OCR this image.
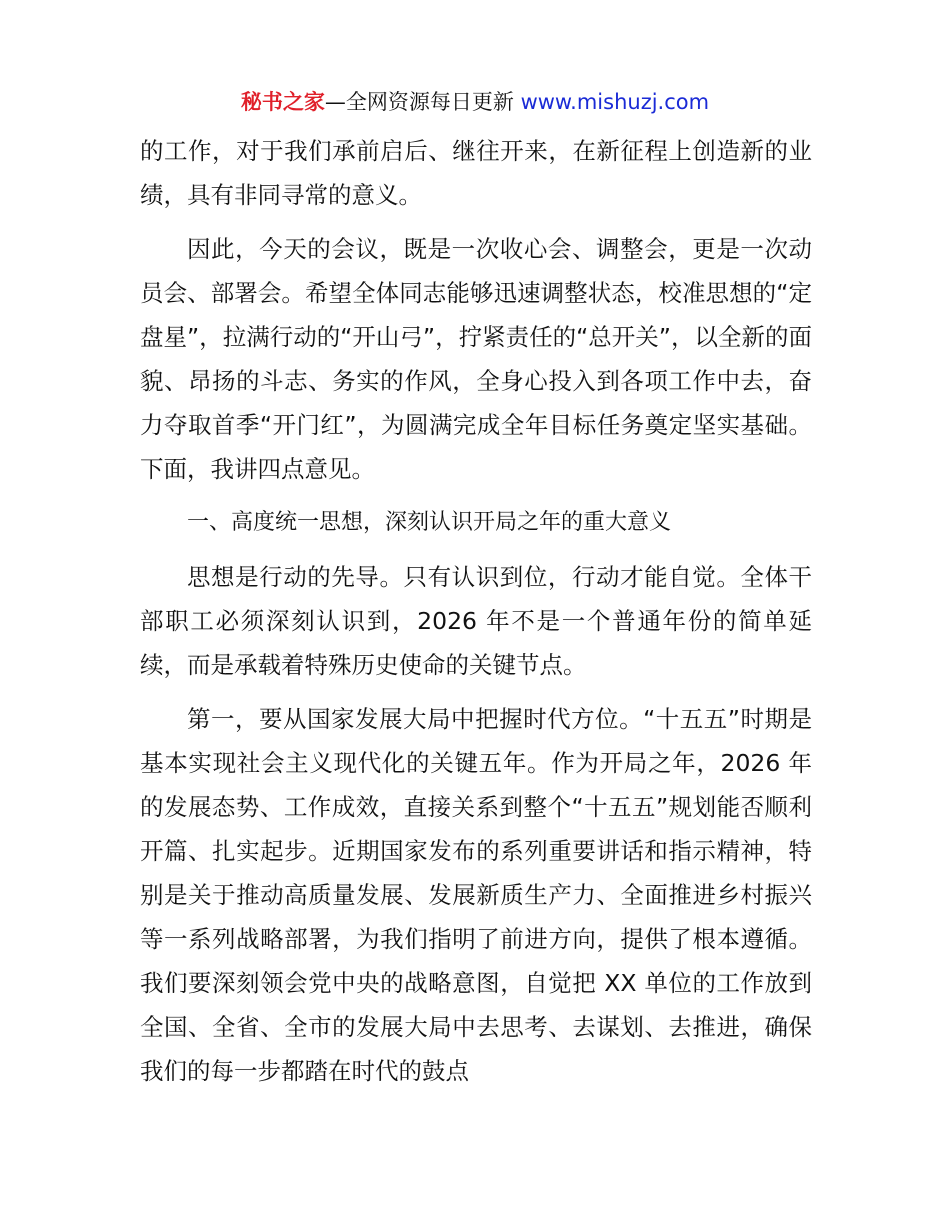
秘书之家—全网资源每日更新 www.mishuzj.com

的工作，对于我们承前启后、继往开来，在新征程上创造新的业绩，具有非同寻常的意义。

因此，今天的会议，既是一次收心会、调整会，更是一次动员会、部署会。希望全体同志能够迅速调整状态，校准思想的“定盘星”，拉满行动的“开山弓”，拧紧责任的“总开关”，以全新的面貌、昂扬的斗志、务实的作风，全身心投入到各项工作中去，奋力夺取首季“开门红”，为圆满完成全年目标任务奠定坚实基础。下面，我讲四点意见。

一、高度统一思想，深刻认识开局之年的重大意义

思想是行动的先导。只有认识到位，行动才能自觉。全体干部职工必须深刻认识到，2026 年不是一个普通年份的简单延续，而是承载着特殊历史使命的关键节点。

第一，要从国家发展大局中把握时代方位。“十五五”时期是基本实现社会主义现代化的关键五年。作为开局之年，2026 年的发展态势、工作成效，直接关系到整个“十五五”规划能否顺利开篇、扎实起步。近期国家发布的系列重要讲话和指示精神，特别是关于推动高质量发展、发展新质生产力、全面推进乡村振兴等一系列战略部署，为我们指明了前进方向，提供了根本遵循。我们要深刻领会党中央的战略意图，自觉把 XX 单位的工作放到全国、全省、全市的发展大局中去思考、去谋划、去推进，确保我们的每一步都踏在时代的鼓点
